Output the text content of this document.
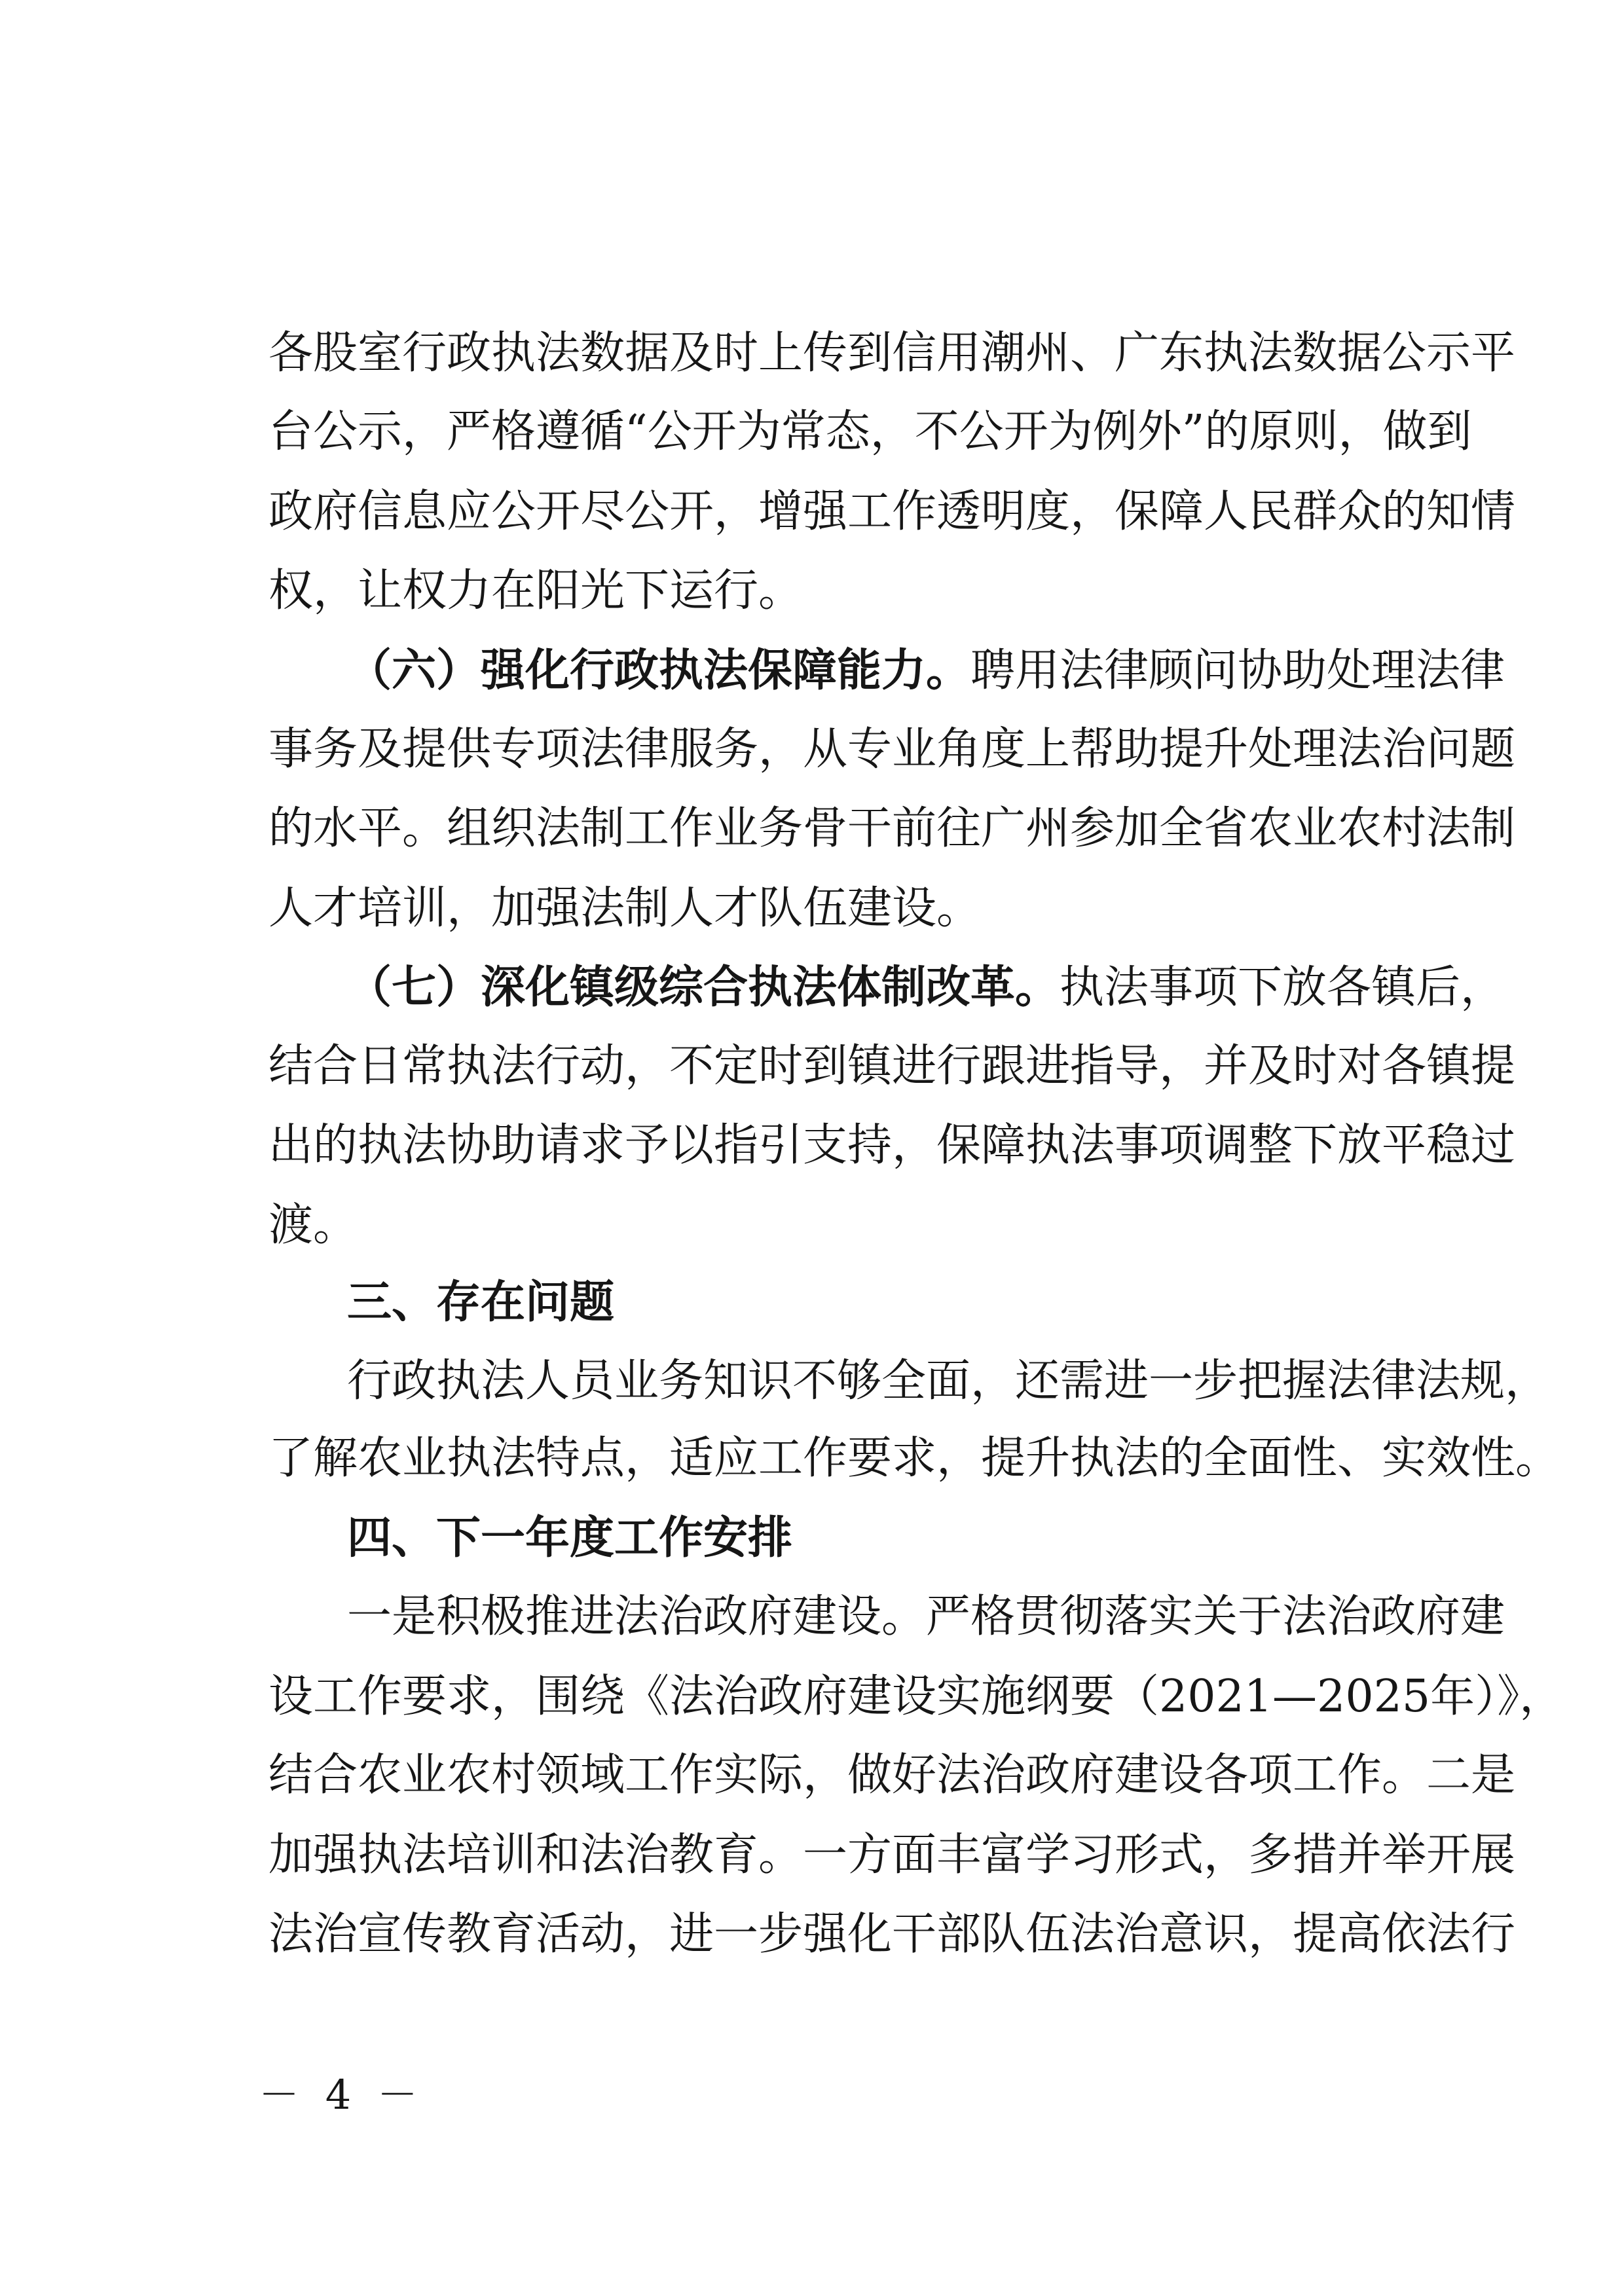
各股室行政执法数据及时上传到信用潮州、广东执法数据公示平
台公示，严格遵循“公开为常态，不公开为例外”的原则，做到
政府信息应公开尽公开，增强工作透明度，保障人民群众的知情
权，让权力在阳光下运行。
（六）强化行政执法保障能力。聘用法律顾问协助处理法律
事务及提供专项法律服务，从专业角度上帮助提升处理法治问题
的水平。组织法制工作业务骨干前往广州参加全省农业农村法制
人才培训，加强法制人才队伍建设。
（七）深化镇级综合执法体制改革。执法事项下放各镇后，
结合日常执法行动，不定时到镇进行跟进指导，并及时对各镇提
出的执法协助请求予以指引支持，保障执法事项调整下放平稳过
渡。
三、存在问题
行政执法人员业务知识不够全面，还需进一步把握法律法规，
了解农业执法特点，适应工作要求，提升执法的全面性、实效性。
四、下一年度工作安排
一是积极推进法治政府建设。严格贯彻落实关于法治政府建
设工作要求，围绕《法治政府建设实施纲要（2021—2025年）》，
结合农业农村领域工作实际，做好法治政府建设各项工作。二是
加强执法培训和法治教育。一方面丰富学习形式，多措并举开展
法治宣传教育活动，进一步强化干部队伍法治意识，提高依法行
－ 4 －
